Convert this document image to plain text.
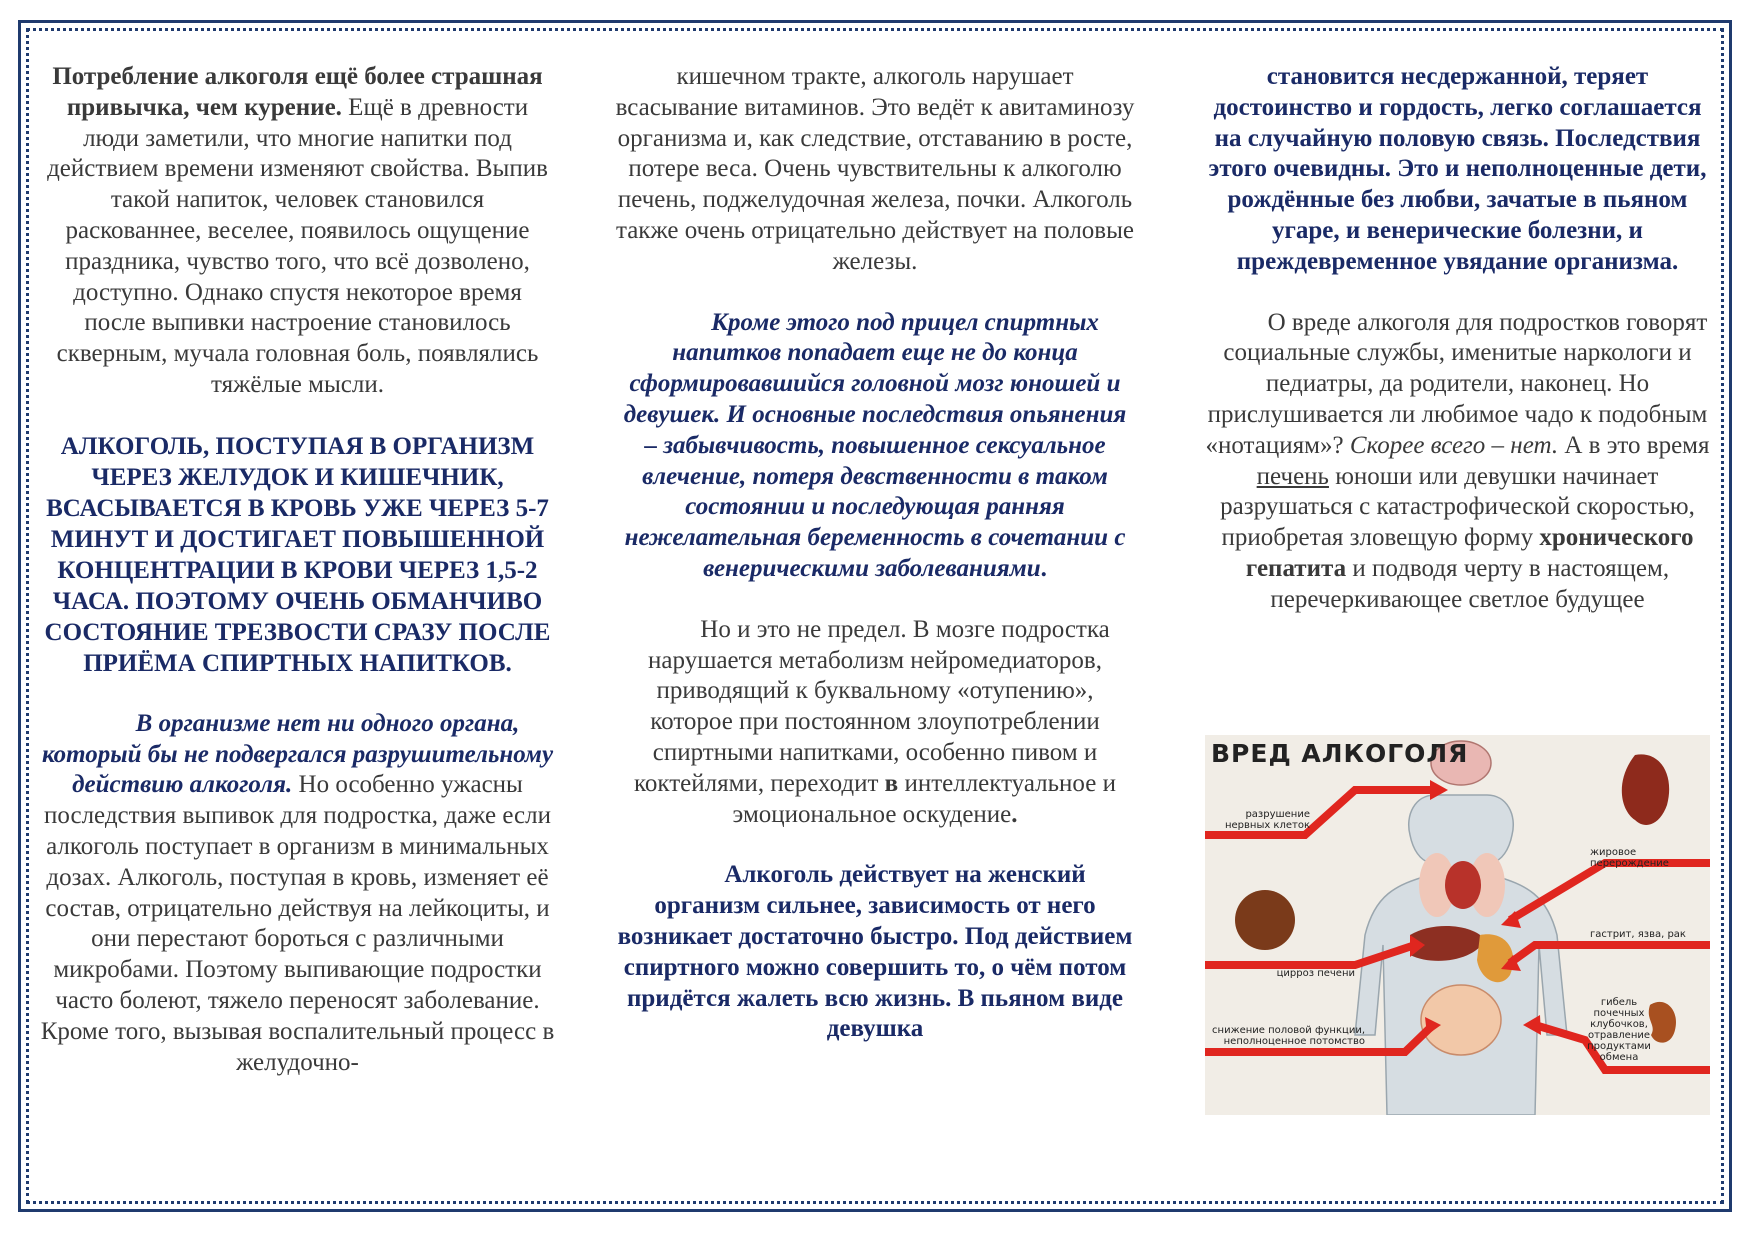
Потребление алкоголя ещё более страшная привычка, чем курение. Ещё в древности люди заметили, что многие напитки под действием времени изменяют свойства. Выпив такой напиток, человек становился раскованнее, веселее, появилось ощущение праздника, чувство того, что всё дозволено, доступно. Однако спустя некоторое время после выпивки настроение становилось скверным, мучала головная боль, появлялись тяжёлые мысли.

АЛКОГОЛЬ, ПОСТУПАЯ В ОРГАНИЗМ ЧЕРЕЗ ЖЕЛУДОК И КИШЕЧНИК, ВСАСЫВАЕТСЯ В КРОВЬ УЖЕ ЧЕРЕЗ 5-7 МИНУТ И ДОСТИГАЕТ ПОВЫШЕННОЙ КОНЦЕНТРАЦИИ В КРОВИ ЧЕРЕЗ 1,5-2 ЧАСА. ПОЭТОМУ ОЧЕНЬ ОБМАНЧИВО СОСТОЯНИЕ ТРЕЗВОСТИ СРАЗУ ПОСЛЕ ПРИЁМА СПИРТНЫХ НАПИТКОВ.

В организме нет ни одного органа, который бы не подвергался разрушительному действию алкоголя. Но особенно ужасны последствия выпивок для подростка, даже если алкоголь поступает в организм в минимальных дозах. Алкоголь, поступая в кровь, изменяет её состав, отрицательно действуя на лейкоциты, и они перестают бороться с различными микробами. Поэтому выпивающие подростки часто болеют, тяжело переносят заболевание. Кроме того, вызывая воспалительный процесс в желудочно-

кишечном тракте, алкоголь нарушает всасывание витаминов. Это ведёт к авитаминозу организма и, как следствие, отставанию в росте, потере веса. Очень чувствительны к алкоголю печень, поджелудочная железа, почки. Алкоголь также очень отрицательно действует на половые железы.

Кроме этого под прицел спиртных напитков попадает еще не до конца сформировавшийся головной мозг юношей и девушек. И основные последствия опьянения – забывчивость, повышенное сексуальное влечение, потеря девственности в таком состоянии и последующая ранняя нежелательная беременность в сочетании с венерическими заболеваниями.

Но и это не предел. В мозге подростка нарушается метаболизм нейромедиаторов, приводящий к буквальному «отупению», которое при постоянном злоупотреблении спиртными напитками, особенно пивом и коктейлями, переходит в интеллектуальное и эмоциональное оскудение.

Алкоголь действует на женский организм сильнее, зависимость от него возникает достаточно быстро. Под действием спиртного можно совершить то, о чём потом придётся жалеть всю жизнь. В пьяном виде девушка

становится несдержанной, теряет достоинство и гордость, легко соглашается на случайную половую связь. Последствия этого очевидны. Это и неполноценные дети, рождённые без любви, зачатые в пьяном угаре, и венерические болезни, и преждевременное увядание организма.

О вреде алкоголя для подростков говорят социальные службы, именитые наркологи и педиатры, да родители, наконец. Но прислушивается ли любимое чадо к подобным «нотациям»? Скорее всего – нет. А в это время печень юноши или девушки начинает разрушаться с катастрофической скоростью, приобретая зловещую форму хронического гепатита и подводя черту в настоящем, перечеркивающее светлое будущее

ВРЕД АЛКОГОЛЯ
разрушение нервных клеток
жировое перерождение
гастрит, язва, рак
цирроз печени
гибель почечных клубочков, отравление продуктами обмена
снижение половой функции, неполноценное потомство
